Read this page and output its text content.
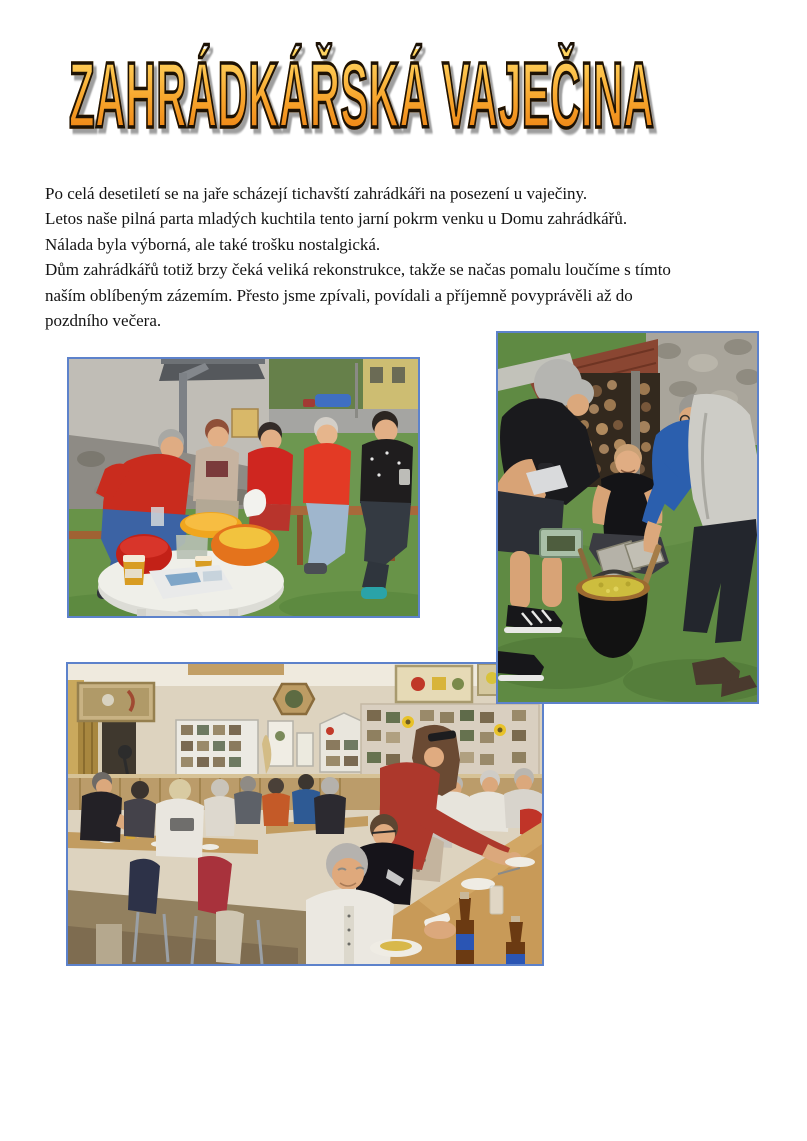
ZAHRÁDKÁŘSKÁ VAJEČINA
Po celá desetiletí se na jaře scházejí tichavští zahrádkáři na posezení u vaječiny.
Letos naše pilná parta mladých kuchtila tento jarní pokrm venku u Domu zahrádkářů.
Nálada byla výborná, ale také trošku nostalgická.
Dům zahrádkářů totiž brzy čeká veliká rekonstrukce, takže se načas pomalu loučíme s tímto
naším oblíbeným zázemím. Přesto jsme zpívali, povídali a příjemně povyprávěli až do
pozdního večera.
